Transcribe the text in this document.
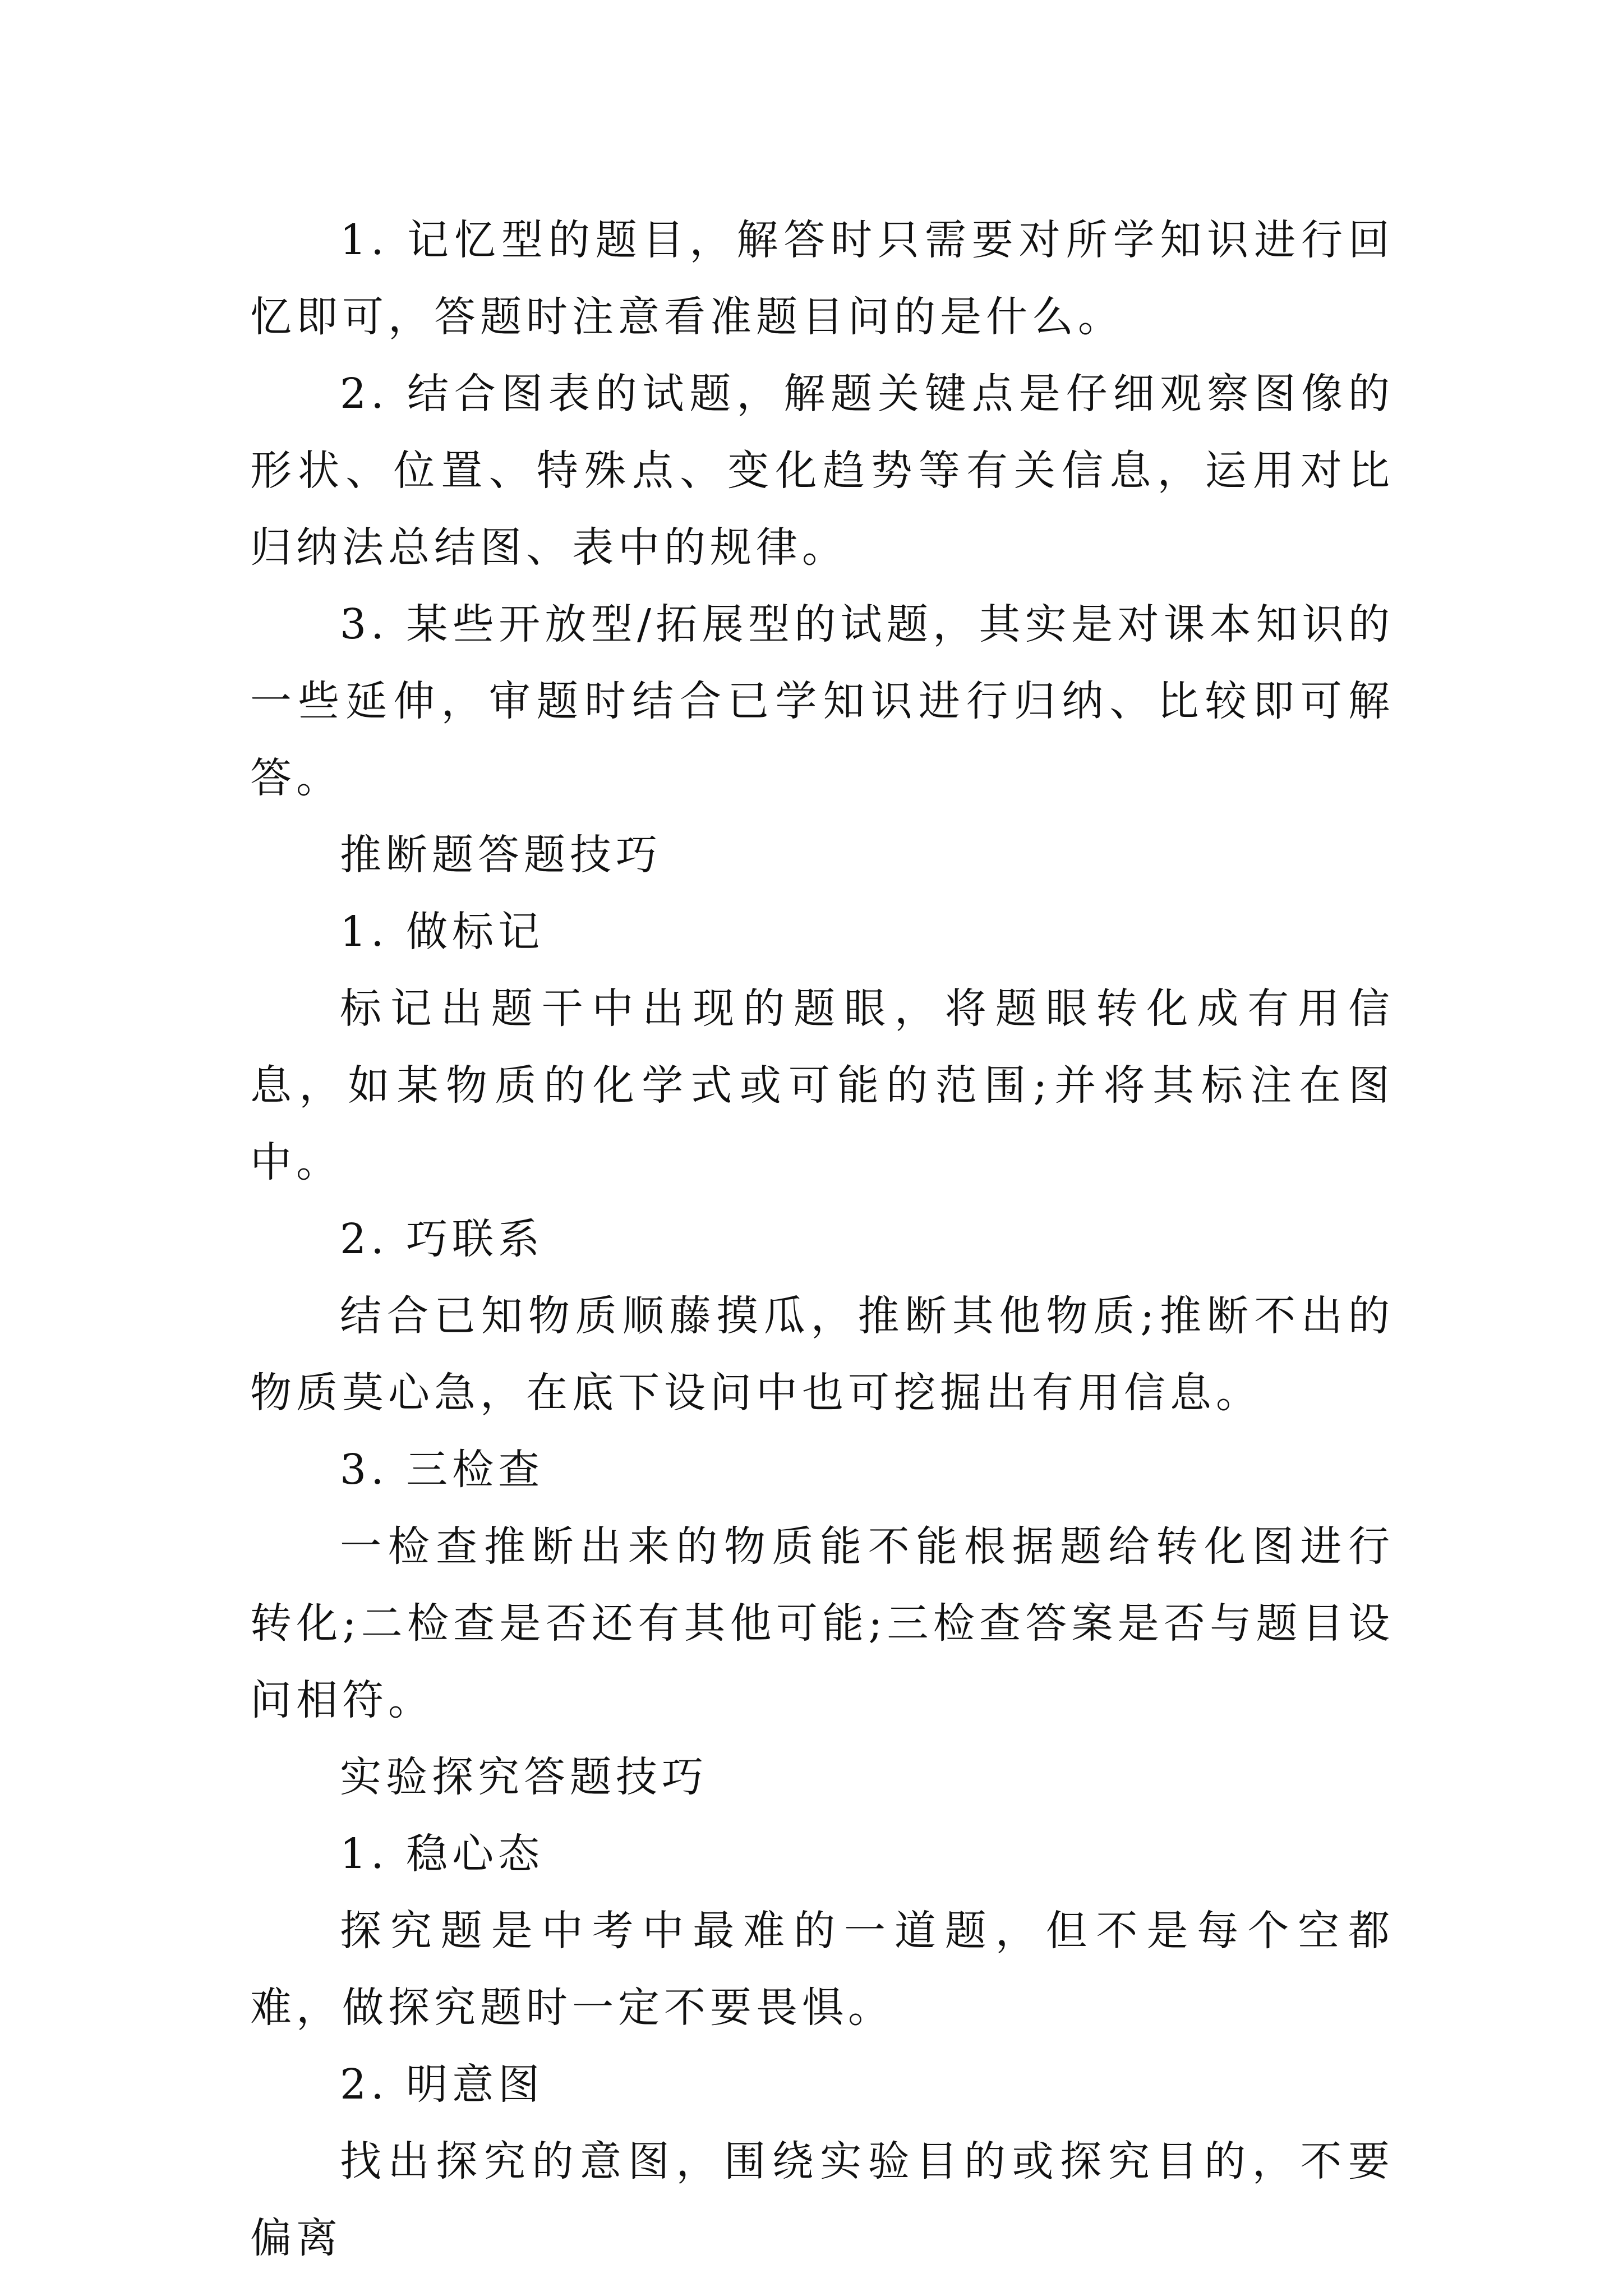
1. 记忆型的题目，解答时只需要对所学知识进行回忆即可，答题时注意看准题目问的是什么。

2. 结合图表的试题，解题关键点是仔细观察图像的形状、位置、特殊点、变化趋势等有关信息，运用对比归纳法总结图、表中的规律。

3. 某些开放型/拓展型的试题，其实是对课本知识的一些延伸，审题时结合已学知识进行归纳、比较即可解答。

推断题答题技巧

1. 做标记

标记出题干中出现的题眼，将题眼转化成有用信息，如某物质的化学式或可能的范围;并将其标注在图中。

2. 巧联系

结合已知物质顺藤摸瓜，推断其他物质;推断不出的物质莫心急，在底下设问中也可挖掘出有用信息。

3. 三检查

一检查推断出来的物质能不能根据题给转化图进行转化;二检查是否还有其他可能;三检查答案是否与题目设问相符。

实验探究答题技巧

1. 稳心态

探究题是中考中最难的一道题，但不是每个空都难，做探究题时一定不要畏惧。

2. 明意图

找出探究的意图，围绕实验目的或探究目的，不要偏离
